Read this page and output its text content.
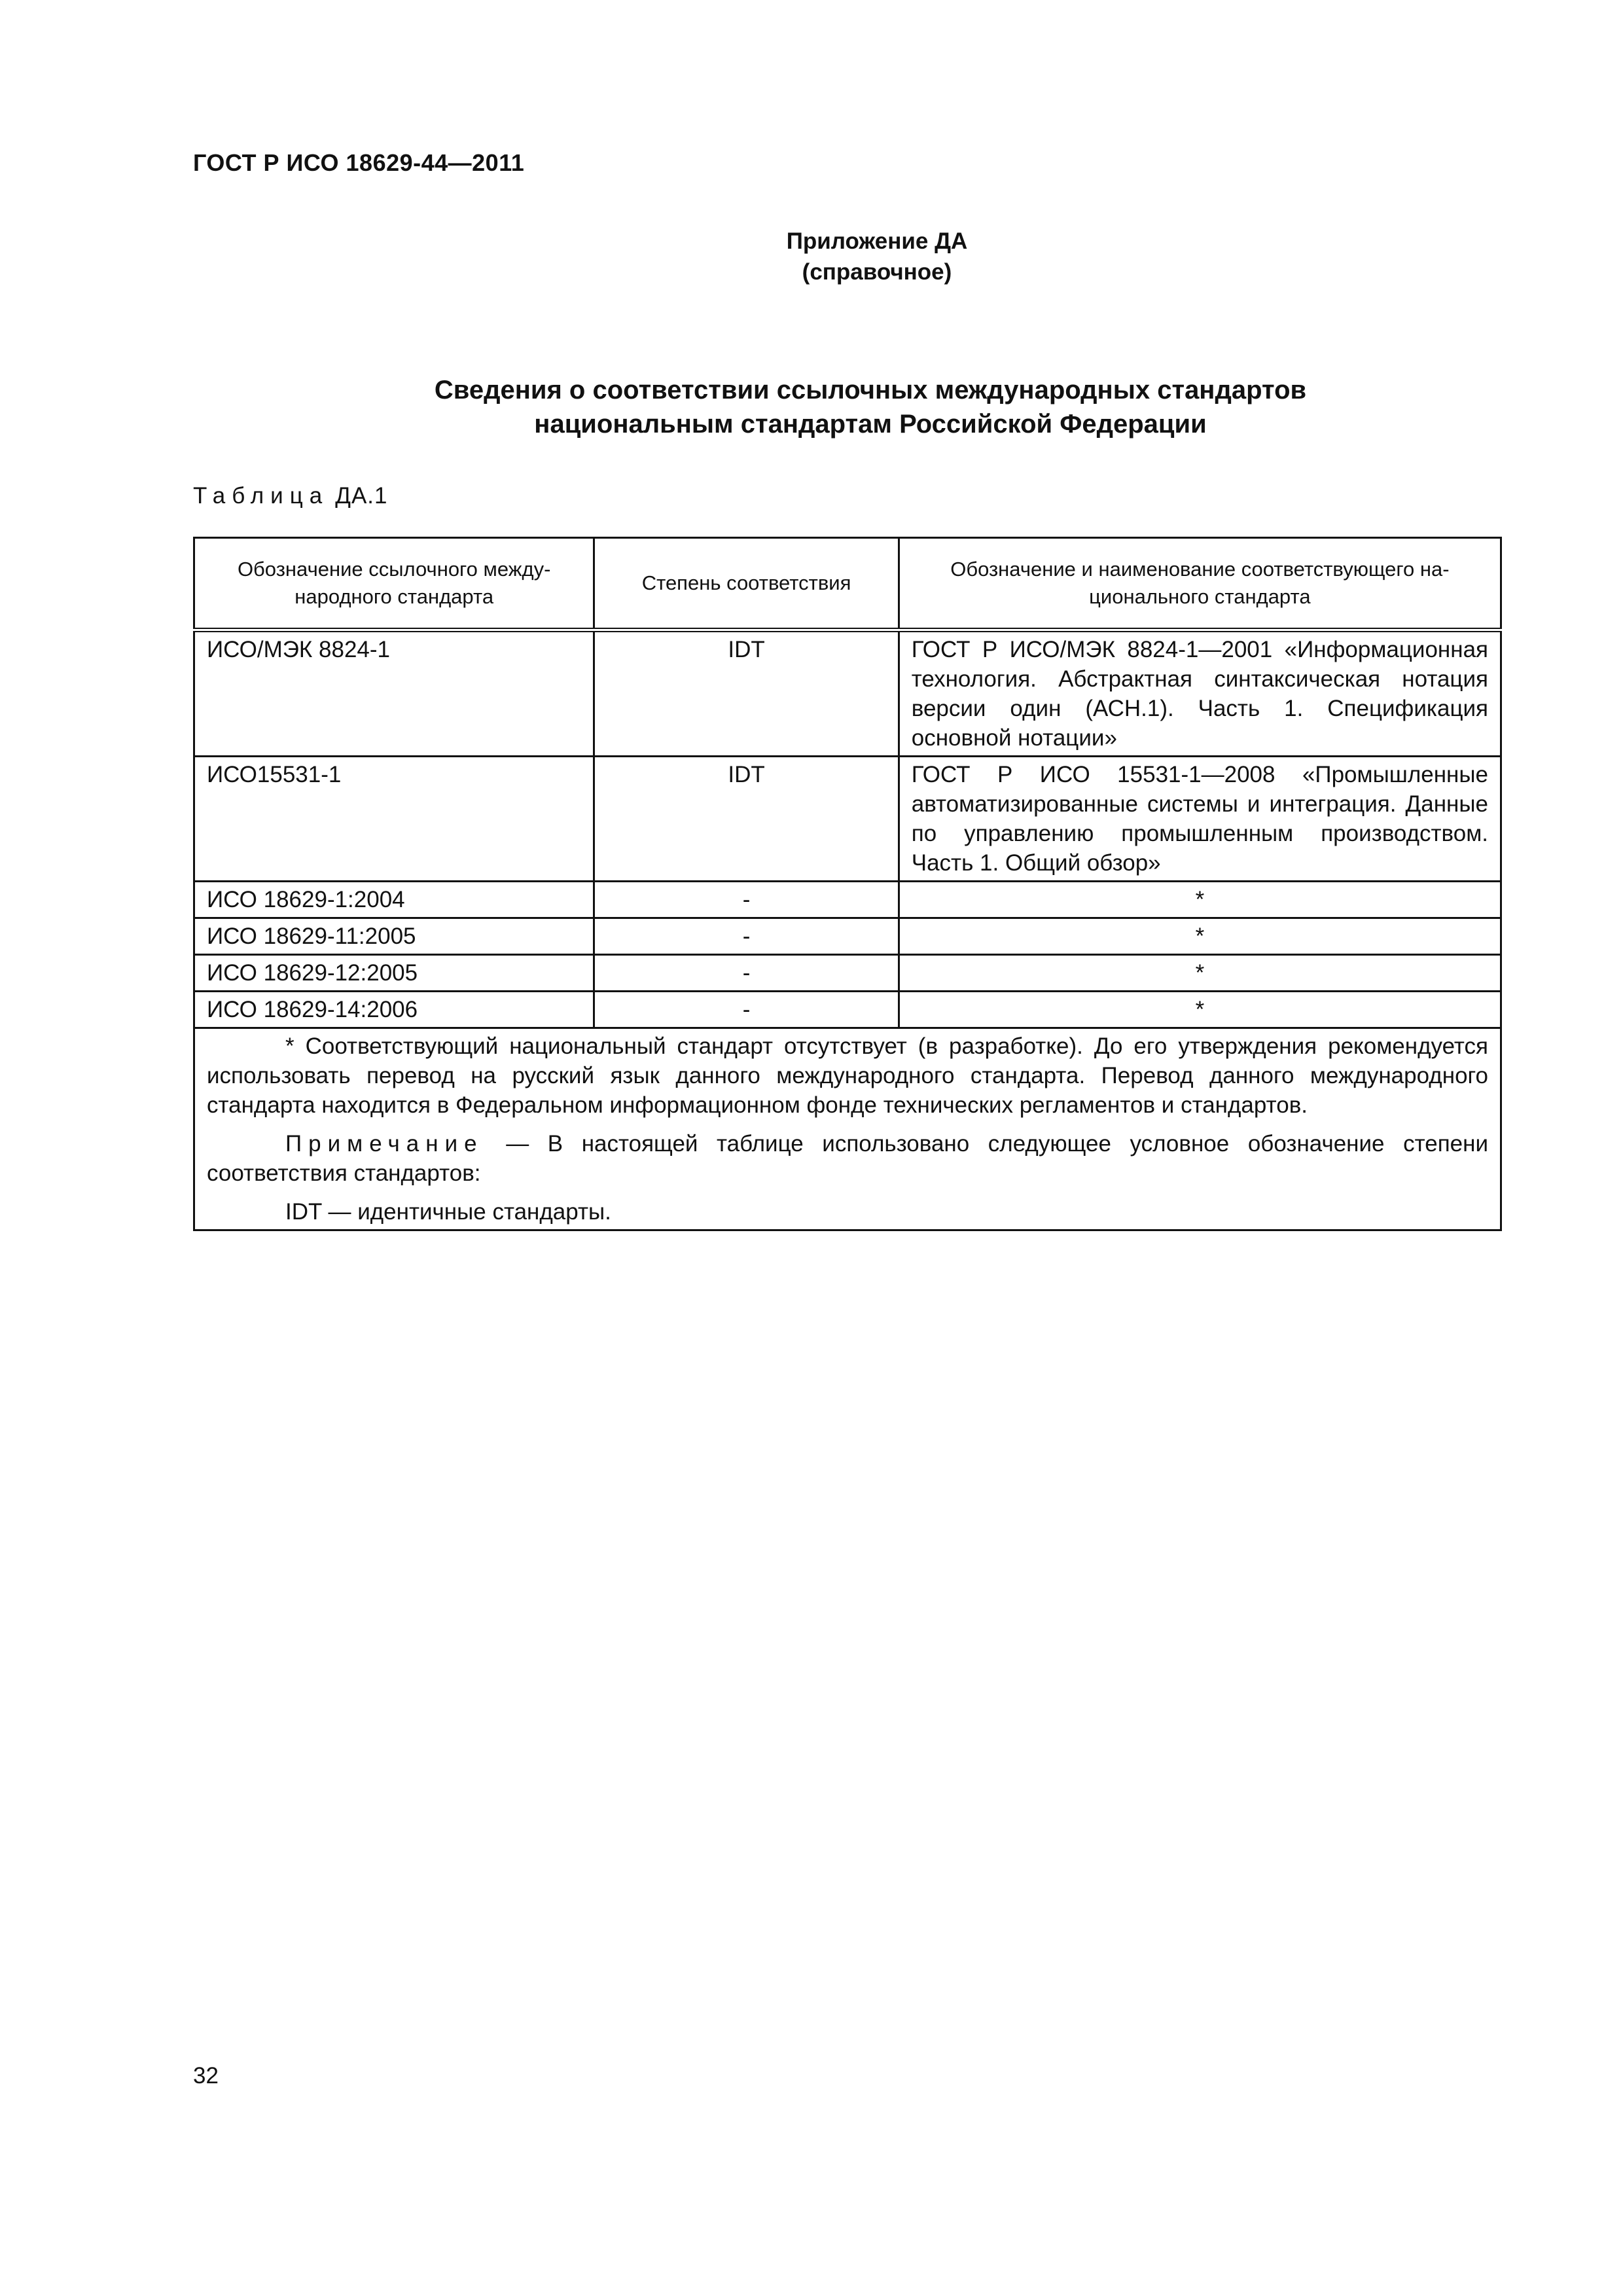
ГОСТ Р ИСО 18629-44—2011
Приложение ДА
(справочное)
Сведения о соответствии ссылочных международных стандартов
национальным стандартам Российской Федерации
Таблица ДА.1
Обозначение ссылочного между-народного стандарта	Степень соответствия	Обозначение и наименование соответствующего на-ционального стандарта
ИСО/МЭК 8824-1	IDT	ГОСТ Р ИСО/МЭК 8824-1—2001 «Информационная технология. Абстрактная синтаксическая нотация версии один (АСН.1). Часть 1. Спецификация основной нотации»
ИСО15531-1	IDT	ГОСТ Р ИСО 15531-1—2008 «Промышленные автоматизированные системы и интеграция. Данные по управлению промышленным производством. Часть 1. Общий обзор»
ИСО 18629-1:2004	-	*
ИСО 18629-11:2005	-	*
ИСО 18629-12:2005	-	*
ИСО 18629-14:2006	-	*

* Соответствующий национальный стандарт отсутствует (в разработке). До его утверждения рекомендуется использовать перевод на русский язык данного международного стандарта. Перевод данного международного стандарта находится в Федеральном информационном фонде технических регламентов и стандартов.

Примечание — В настоящей таблице использовано следующее условное обозначение степени соответствия стандартов:

IDT — идентичные стандарты.		

32
